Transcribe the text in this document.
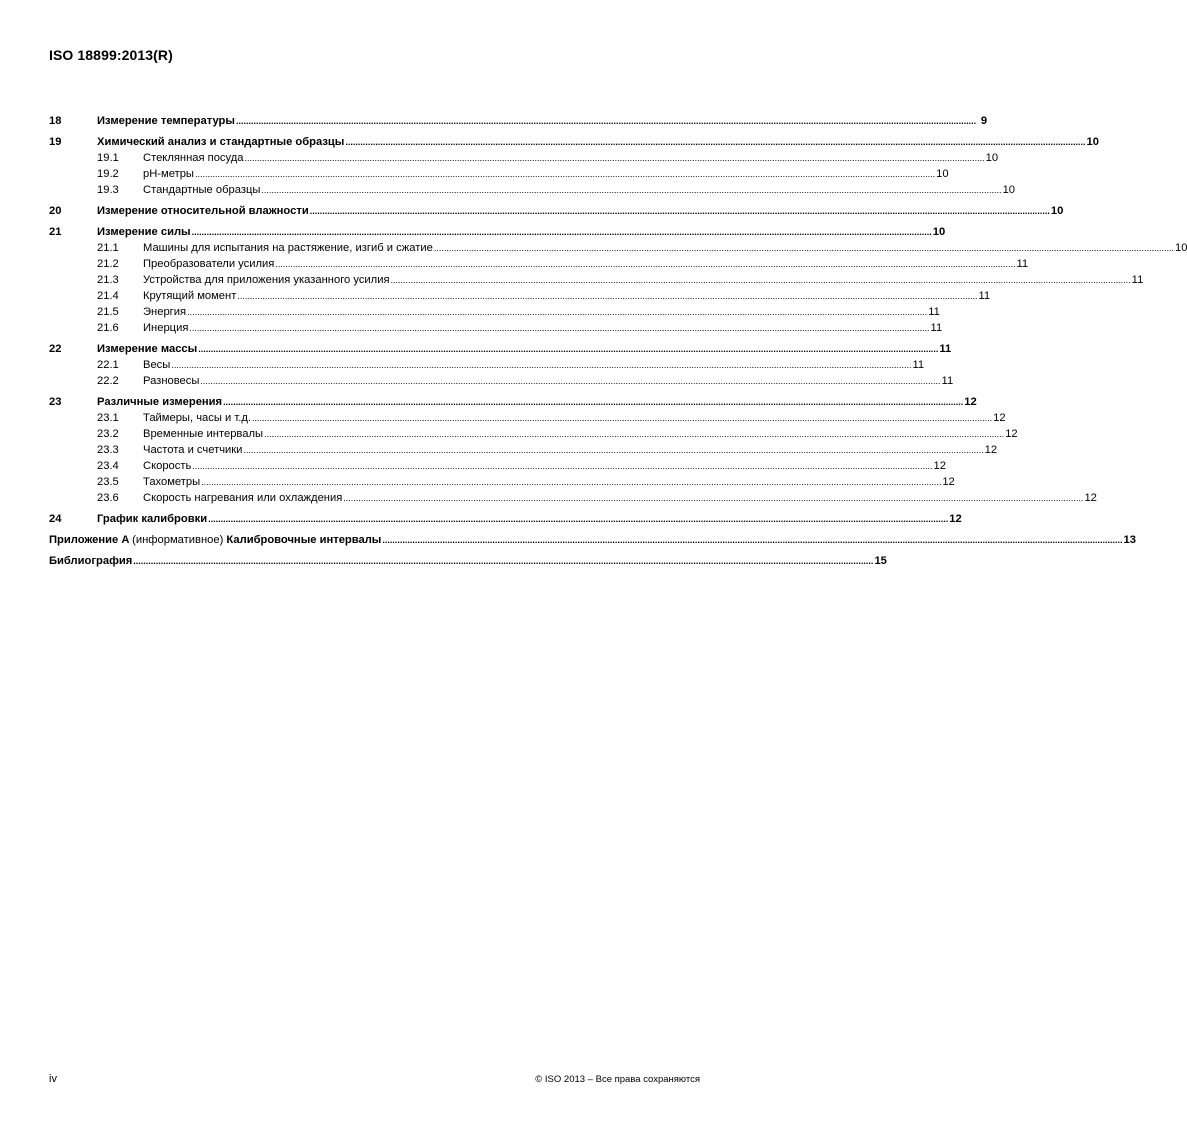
ISO 18899:2013(R)
18	Измерение температуры .....	9
19	Химический анализ и стандартные образцы .....	10
19.1	Стеклянная посуда .....	10
19.2	pH-метры .....	10
19.3	Стандартные образцы .....	10
20	Измерение относительной влажности .....	10
21	Измерение силы .....	10
21.1	Машины для испытания на растяжение, изгиб и сжатие .....	10
21.2	Преобразователи усилия .....	11
21.3	Устройства для приложения указанного усилия .....	11
21.4	Крутящий момент .....	11
21.5	Энергия .....	11
21.6	Инерция .....	11
22	Измерение массы .....	11
22.1	Весы .....	11
22.2	Разновесы .....	11
23	Различные измерения .....	12
23.1	Таймеры, часы и т.д. .....	12
23.2	Временные интервалы .....	12
23.3	Частота и счетчики .....	12
23.4	Скорость .....	12
23.5	Тахометры .....	12
23.6	Скорость нагревания или охлаждения .....	12
24	График калибровки .....	12
Приложение A (информативное) Калибровочные интервалы .....	13
Библиография .....	15
iv	© ISO 2013 – Все права сохраняются
